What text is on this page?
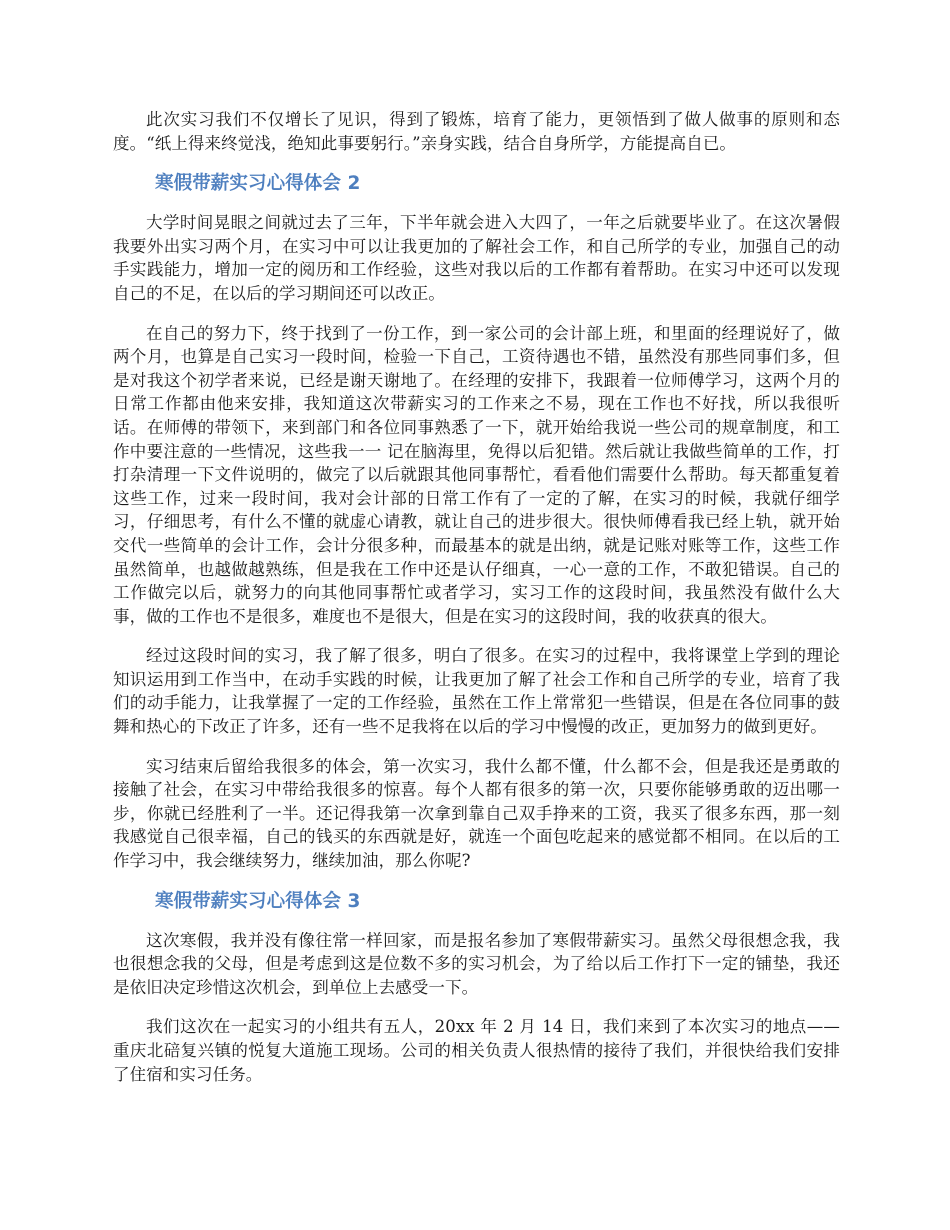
此次实习我们不仅增长了见识，得到了锻炼，培育了能力，更领悟到了做人做事的原则和态度。“纸上得来终觉浅，绝知此事要躬行。”亲身实践，结合自身所学，方能提高自已。

寒假带薪实习心得体会 2

大学时间晃眼之间就过去了三年，下半年就会进入大四了，一年之后就要毕业了。在这次暑假我要外出实习两个月，在实习中可以让我更加的了解社会工作，和自己所学的专业，加强自己的动手实践能力，增加一定的阅历和工作经验，这些对我以后的工作都有着帮助。在实习中还可以发现自己的不足，在以后的学习期间还可以改正。

在自己的努力下，终于找到了一份工作，到一家公司的会计部上班，和里面的经理说好了，做两个月，也算是自己实习一段时间，检验一下自己，工资待遇也不错，虽然没有那些同事们多，但是对我这个初学者来说，已经是谢天谢地了。在经理的安排下，我跟着一位师傅学习，这两个月的日常工作都由他来安排，我知道这次带薪实习的工作来之不易，现在工作也不好找，所以我很听话。在师傅的带领下，来到部门和各位同事熟悉了一下，就开始给我说一些公司的规章制度，和工作中要注意的一些情况，这些我一一 记在脑海里，免得以后犯错。然后就让我做些简单的工作，打打杂清理一下文件说明的，做完了以后就跟其他同事帮忙，看看他们需要什么帮助。每天都重复着这些工作，过来一段时间，我对会计部的日常工作有了一定的了解，在实习的时候，我就仔细学习，仔细思考，有什么不懂的就虚心请教，就让自己的进步很大。很快师傅看我已经上轨，就开始交代一些简单的会计工作，会计分很多种，而最基本的就是出纳，就是记账对账等工作，这些工作虽然简单，也越做越熟练，但是我在工作中还是认仔细真，一心一意的工作，不敢犯错误。自己的工作做完以后，就努力的向其他同事帮忙或者学习，实习工作的这段时间，我虽然没有做什么大事，做的工作也不是很多，难度也不是很大，但是在实习的这段时间，我的收获真的很大。

经过这段时间的实习，我了解了很多，明白了很多。在实习的过程中，我将课堂上学到的理论知识运用到工作当中，在动手实践的时候，让我更加了解了社会工作和自己所学的专业，培育了我们的动手能力，让我掌握了一定的工作经验，虽然在工作上常常犯一些错误，但是在各位同事的鼓舞和热心的下改正了许多，还有一些不足我将在以后的学习中慢慢的改正，更加努力的做到更好。

实习结束后留给我很多的体会，第一次实习，我什么都不懂，什么都不会，但是我还是勇敢的接触了社会，在实习中带给我很多的惊喜。每个人都有很多的第一次，只要你能够勇敢的迈出哪一步，你就已经胜利了一半。还记得我第一次拿到靠自己双手挣来的工资，我买了很多东西，那一刻我感觉自己很幸福，自己的钱买的东西就是好，就连一个面包吃起来的感觉都不相同。在以后的工作学习中，我会继续努力，继续加油，那么你呢?

寒假带薪实习心得体会 3

这次寒假，我并没有像往常一样回家，而是报名参加了寒假带薪实习。虽然父母很想念我，我也很想念我的父母，但是考虑到这是位数不多的实习机会，为了给以后工作打下一定的铺垫，我还是依旧决定珍惜这次机会，到单位上去感受一下。

我们这次在一起实习的小组共有五人，20xx 年 2 月 14 日，我们来到了本次实习的地点——重庆北碚复兴镇的悦复大道施工现场。公司的相关负责人很热情的接待了我们，并很快给我们安排了住宿和实习任务。
